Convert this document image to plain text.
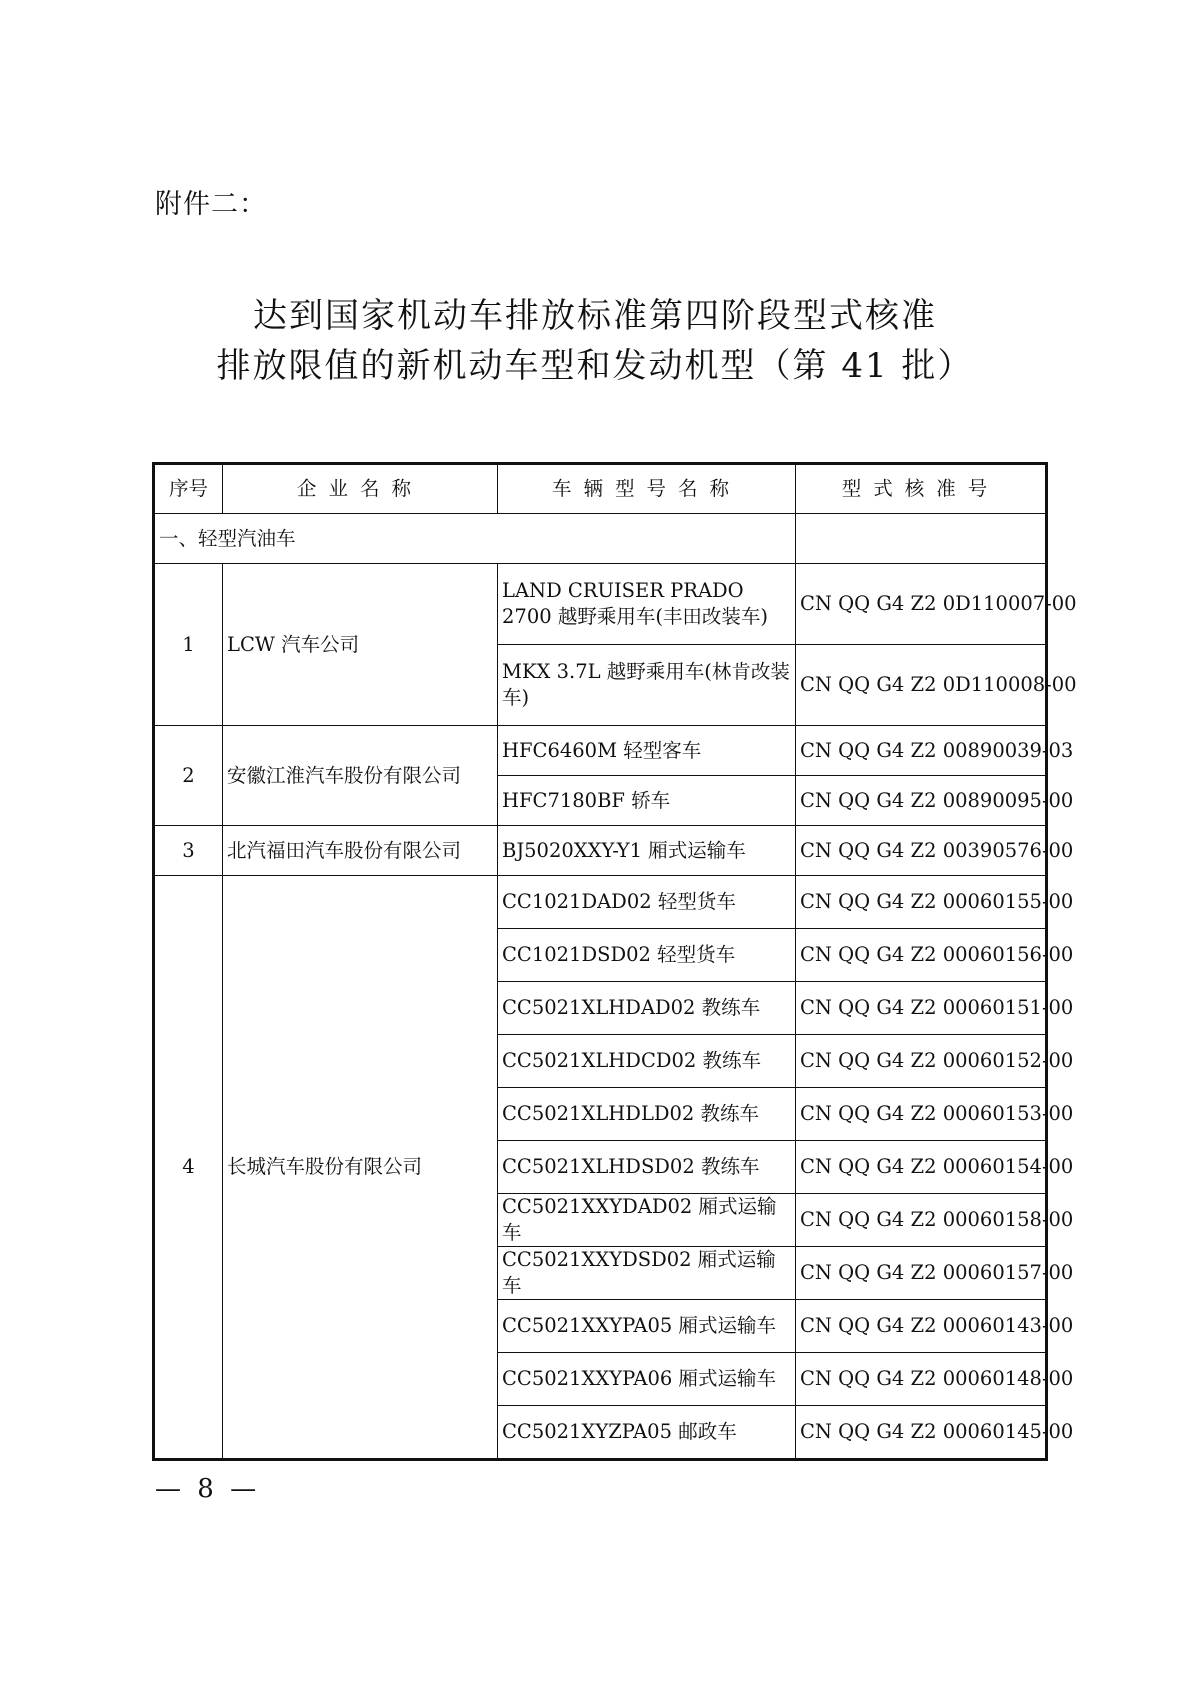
附件二：
达到国家机动车排放标准第四阶段型式核准
排放限值的新机动车型和发动机型（第 41 批）
序号	企业名称	车辆型号名称	型式核准号
一、轻型汽油车			
1	LCW 汽车公司	LAND CRUISER PRADO 2700 越野乘用车(丰田改装车)	CN QQ G4 Z2 0D110007-00
		MKX 3.7L 越野乘用车(林肯改装车)	CN QQ G4 Z2 0D110008-00
2	安徽江淮汽车股份有限公司	HFC6460M 轻型客车	CN QQ G4 Z2 00890039-03
		HFC7180BF 轿车	CN QQ G4 Z2 00890095-00
3	北汽福田汽车股份有限公司	BJ5020XXY-Y1 厢式运输车	CN QQ G4 Z2 00390576-00
4	长城汽车股份有限公司	CC1021DAD02 轻型货车	CN QQ G4 Z2 00060155-00
		CC1021DSD02 轻型货车	CN QQ G4 Z2 00060156-00
		CC5021XLHDAD02 教练车	CN QQ G4 Z2 00060151-00
		CC5021XLHDCD02 教练车	CN QQ G4 Z2 00060152-00
		CC5021XLHDLD02 教练车	CN QQ G4 Z2 00060153-00
		CC5021XLHDSD02 教练车	CN QQ G4 Z2 00060154-00
		CC5021XXYDAD02 厢式运输车	CN QQ G4 Z2 00060158-00
		CC5021XXYDSD02 厢式运输车	CN QQ G4 Z2 00060157-00
		CC5021XXYPA05 厢式运输车	CN QQ G4 Z2 00060143-00
		CC5021XXYPA06 厢式运输车	CN QQ G4 Z2 00060148-00
		CC5021XYZPA05 邮政车	CN QQ G4 Z2 00060145-00
— 8 —
